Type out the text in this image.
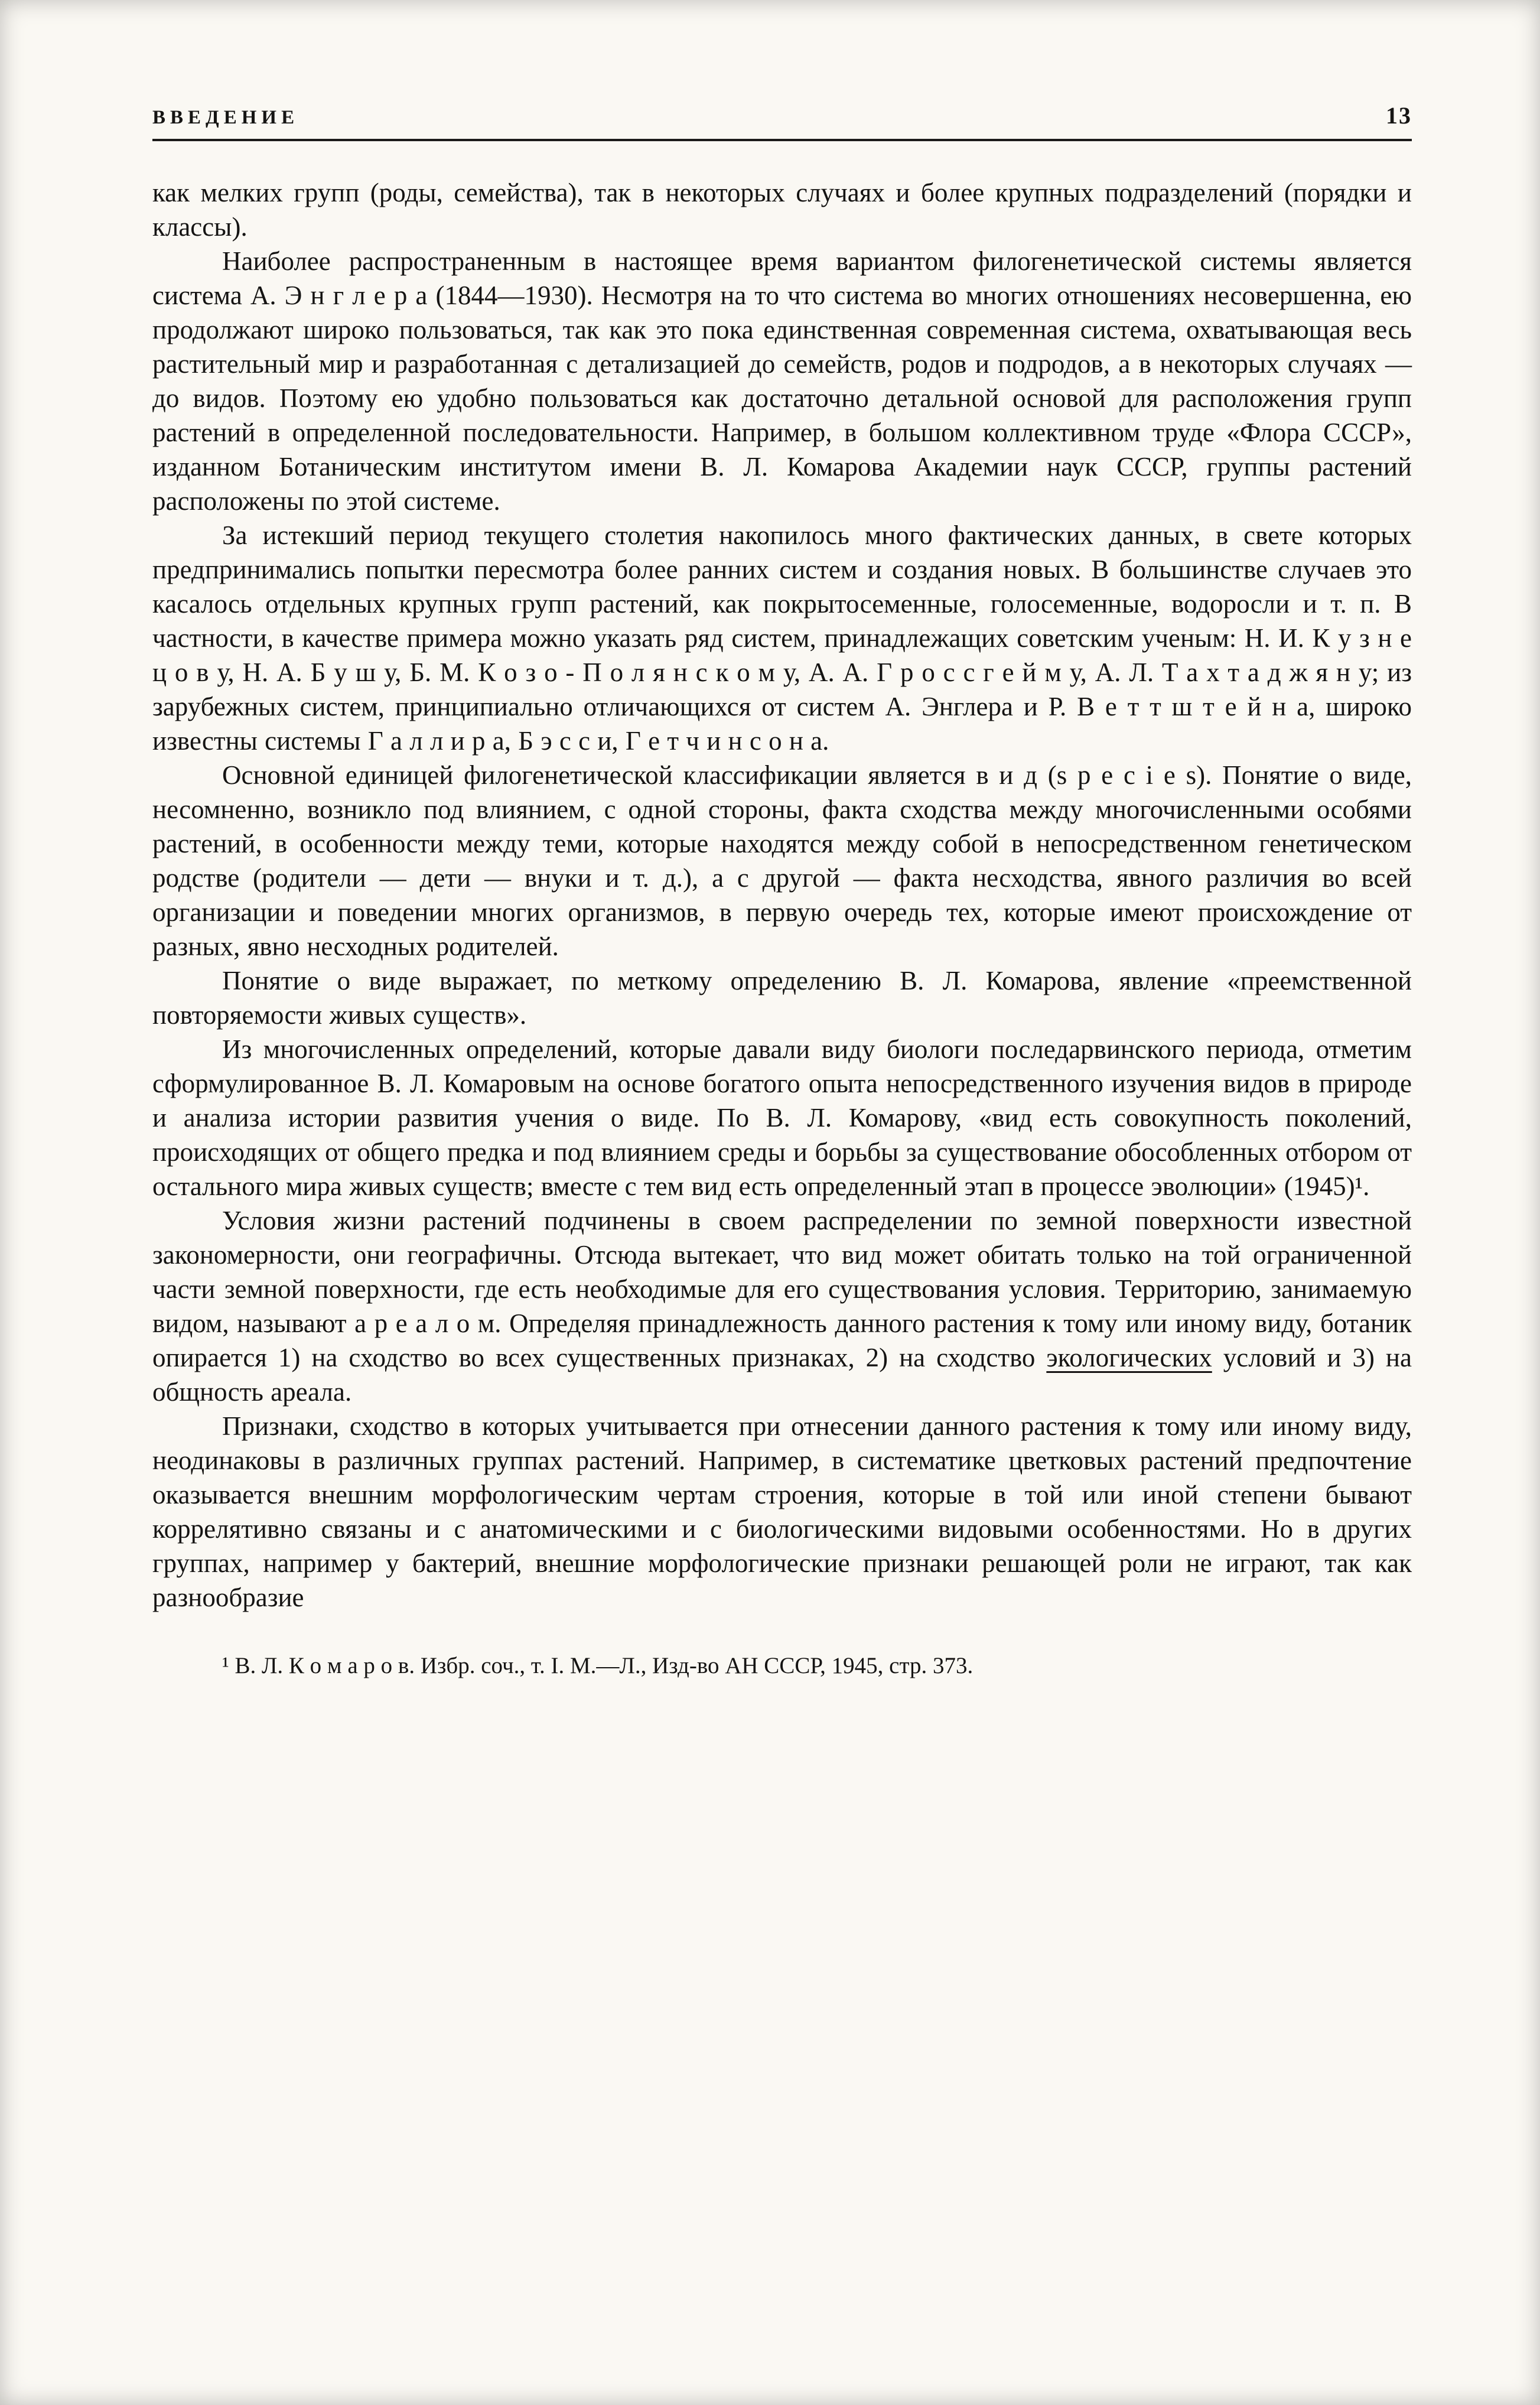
ВВЕДЕНИЕ	13

как мелких групп (роды, семейства), так в некоторых случаях и более крупных подразделений (порядки и классы).

Наиболее распространенным в настоящее время вариантом филогенетической системы является система А. Э н г л е р а (1844—1930). Несмотря на то что система во многих отношениях несовершенна, ею продолжают широко пользоваться, так как это пока единственная современная система, охватывающая весь растительный мир и разработанная с детализацией до семейств, родов и подродов, а в некоторых случаях — до видов. Поэтому ею удобно пользоваться как достаточно детальной основой для расположения групп растений в определенной последовательности. Например, в большом коллективном труде «Флора СССР», изданном Ботаническим институтом имени В. Л. Комарова Академии наук СССР, группы растений расположены по этой системе.

За истекший период текущего столетия накопилось много фактических данных, в свете которых предпринимались попытки пересмотра более ранних систем и создания новых. В большинстве случаев это касалось отдельных крупных групп растений, как покрытосеменные, голосеменные, водоросли и т. п. В частности, в качестве примера можно указать ряд систем, принадлежащих советским ученым: Н. И. К у з н е ц о в у, Н. А. Б у ш у, Б. М. К о з о - П о л я н с к о м у, А. А. Г р о с с г е й м у, А. Л. Т а х т а д ж я н у; из зарубежных систем, принципиально отличающихся от систем А. Энглера и Р. В е т т ш т е й н а, широко известны системы Г а л л и р а, Б э с с и, Г е т ч и н с о н а.

Основной единицей филогенетической классификации является в и д (s p e c i e s). Понятие о виде, несомненно, возникло под влиянием, с одной стороны, факта сходства между многочисленными особями растений, в особенности между теми, которые находятся между собой в непосредственном генетическом родстве (родители — дети — внуки и т. д.), а с другой — факта несходства, явного различия во всей организации и поведении многих организмов, в первую очередь тех, которые имеют происхождение от разных, явно несходных родителей.

Понятие о виде выражает, по меткому определению В. Л. Комарова, явление «преемственной повторяемости живых существ».

Из многочисленных определений, которые давали виду биологи последарвинского периода, отметим сформулированное В. Л. Комаровым на основе богатого опыта непосредственного изучения видов в природе и анализа истории развития учения о виде. По В. Л. Комарову, «вид есть совокупность поколений, происходящих от общего предка и под влиянием среды и борьбы за существование обособленных отбором от остального мира живых существ; вместе с тем вид есть определенный этап в процессе эволюции» (1945)¹.

Условия жизни растений подчинены в своем распределении по земной поверхности известной закономерности, они географичны. Отсюда вытекает, что вид может обитать только на той ограниченной части земной поверхности, где есть необходимые для его существования условия. Территорию, занимаемую видом, называют а р е а л о м. Определяя принадлежность данного растения к тому или иному виду, ботаник опирается 1) на сходство во всех существенных признаках, 2) на сходство экологических условий и 3) на общность ареала.

Признаки, сходство в которых учитывается при отнесении данного растения к тому или иному виду, неодинаковы в различных группах растений. Например, в систематике цветковых растений предпочтение оказывается внешним морфологическим чертам строения, которые в той или иной степени бывают коррелятивно связаны и с анатомическими и с биологическими видовыми особенностями. Но в других группах, например у бактерий, внешние морфологические признаки решающей роли не играют, так как разнообразие

¹ В. Л. К о м а р о в. Избр. соч., т. I. М.—Л., Изд-во АН СССР, 1945, стр. 373.
